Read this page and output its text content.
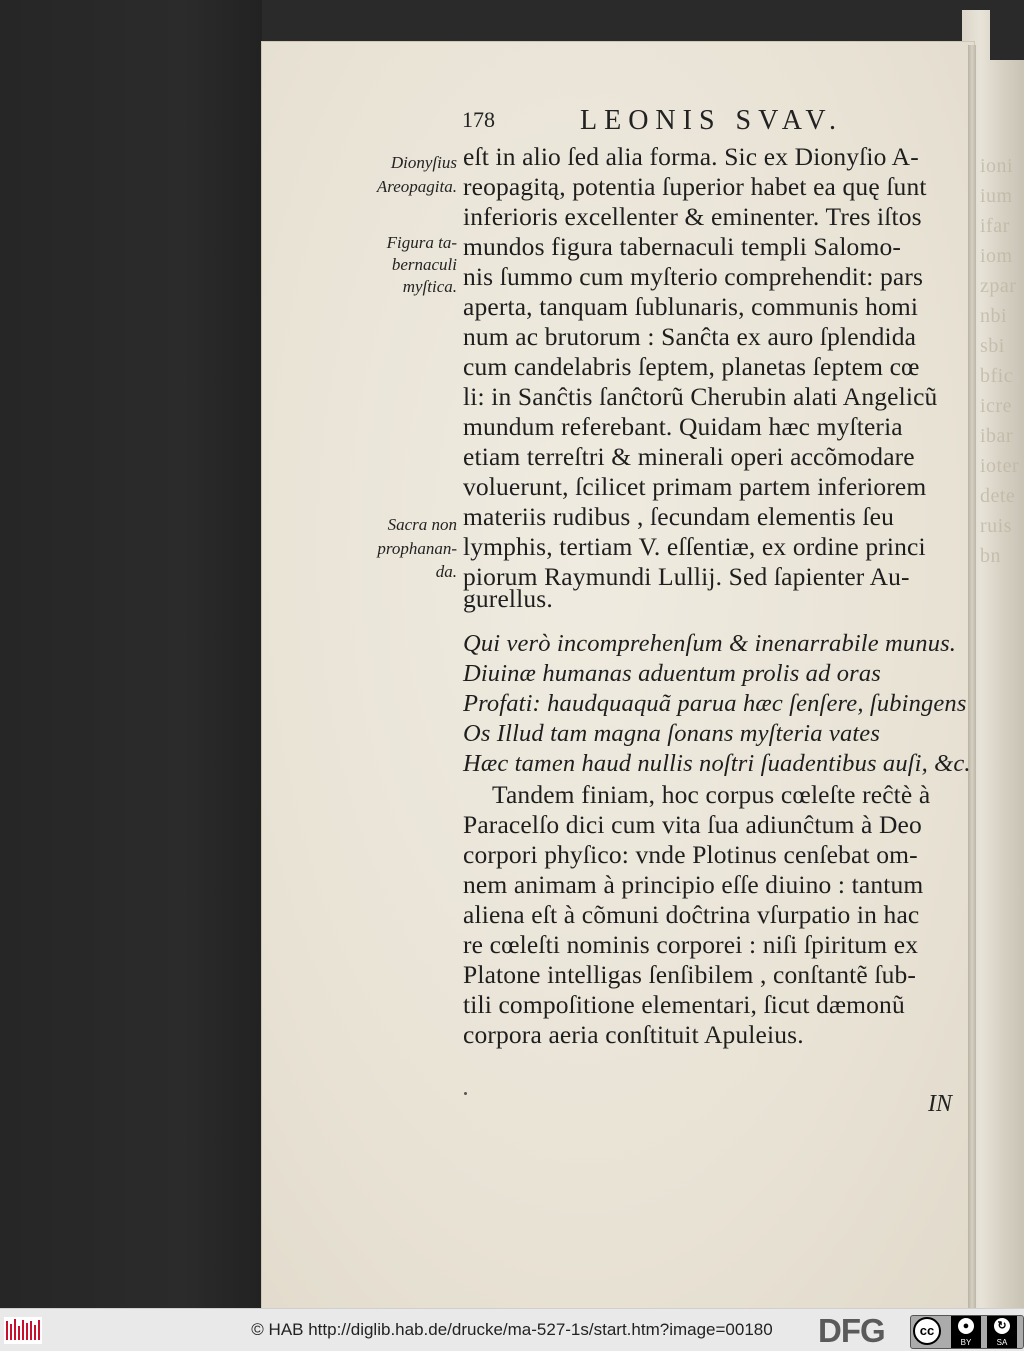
ioni
ium
ifar
iom
zpar
nbi
sbi
bfic
icre
ibar
ioter
dete
ruis
bn
178	LEONIS SVAV.
Dionyſius
Areopagita.
Figura ta-
bernaculi
myſtica.
Sacra non
prophanan-
da.
eſt in alio ſed alia forma. Sic ex Dionyſio A-
reopagitą, potentia ſuperior habet ea quę ſunt
inferioris excellenter & eminenter. Tres iſtos
mundos figura tabernaculi templi Salomo-
nis ſummo cum myſterio comprehendit: pars
aperta, tanquam ſublunaris, communis homi
num ac brutorum : Sanĉta ex auro ſplendida
cum candelabris ſeptem, planetas ſeptem cœ
li: in Sanĉtis ſanĉtorũ Cherubin alati Angelicũ
mundum referebant. Quidam hæc myſteria
etiam terreſtri & minerali operi accõmodare
voluerunt, ſcilicet primam partem inferiorem
materiis rudibus , ſecundam elementis ſeu
lymphis, tertiam V. eſſentiæ, ex ordine princi
piorum Raymundi Lullij. Sed ſapienter Au-
gurellus.
Qui verò incomprehenſum & inenarrabile munus.
Diuinæ humanas aduentum prolis ad oras
Profati: haudquaquã parua hæc ſenſere, ſubingens
Os Illud tam magna ſonans myſteria vates
Hæc tamen haud nullis noſtri ſuadentibus auſi, &c.
Tandem finiam, hoc corpus cœleſte reĉtè à
Paracelſo dici cum vita ſua adiunĉtum à Deo
corpori phyſico: vnde Plotinus cenſebat om-
nem animam à principio eſſe diuino : tantum
aliena eſt à cõmuni doĉtrina vſurpatio in hac
re cœleſti nominis corporei : niſi ſpiritum ex
Platone intelligas ſenſibilem , conſtantẽ ſub-
tili compoſitione elementari, ſicut dæmonũ
corpora aeria conſtituit Apuleius.
IN
© HAB http://diglib.hab.de/drucke/ma-527-1s/start.htm?image=00180	DFG	cc	●
BY
↻
SA
